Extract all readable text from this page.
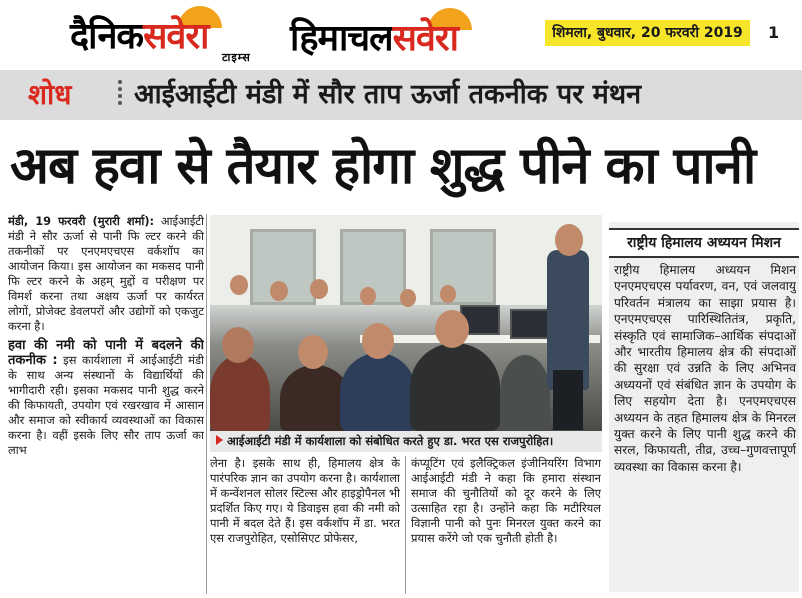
दैनिकसवेरा
टाइम्स हिमाचलसवेरा	शिमला, बुधवार, 20 फरवरी 2019	1
शोध आईआईटी मंडी में सौर ताप ऊर्जा तकनीक पर मंथन
अब हवा से तैयार होगा शुद्ध पीने का पानी

मंडी, 19 फरवरी (मुरारी शर्मा): आईआईटी मंडी ने सौर ऊर्जा से पानी फि ल्टर करने की तकनीकों पर एनएमएचएस वर्कशॉप का आयोजन किया। इस आयोजन का मकसद पानी फि ल्टर करने के अहम् मुद्दों व परीक्षण पर विमर्श करना तथा अक्षय ऊर्जा पर कार्यरत लोगों, प्रोजेक्ट डेवलपरों और उद्योगों को एकजुट करना है।

हवा की नमी को पानी में बदलने की तकनीक : इस कार्यशाला में आईआईटी मंडी के साथ अन्य संस्थानों के विद्यार्थियों की भागीदारी रही। इसका मकसद पानी शुद्ध करने की किफायती, उपयोग एवं रखरखाव में आसान और समाज को स्वीकार्य व्यवस्थाओं का विकास करना है। वहीं इसके लिए सौर ताप ऊर्जा का लाभ

आईआईटी मंडी में कार्यशाला को संबोधित करते हुए डा. भरत एस राजपुरोहित।
लेना है। इसके साथ ही, हिमालय क्षेत्र के पारंपरिक ज्ञान का उपयोग करना है। कार्यशाला में कन्वेंशनल सोलर स्टिल्स और हाइड्रोपैनल भी प्रदर्शित किए गए। ये डिवाइस हवा की नमी को पानी में बदल देते हैं। इस वर्कशॉप में डा. भरत एस राजपुरोहित, एसोसिएट प्रोफेसर,
कंप्यूटिंग एवं इलैक्ट्रिकल इंजीनियरिंग विभाग आईआईटी मंडी ने कहा कि हमारा संस्थान समाज की चुनौतियों को दूर करने के लिए उत्साहित रहा है। उन्होंने कहा कि मटीरियल विज्ञानी पानी को पुनः मिनरल युक्त करने का प्रयास करेंगे जो एक चुनौती होती है।
राष्ट्रीय हिमालय अध्ययन मिशन
राष्ट्रीय हिमालय अध्ययन मिशन एनएमएचएस पर्यावरण, वन, एवं जलवायु परिवर्तन मंत्रालय का साझा प्रयास है। एनएमएचएस पारिस्थितितंत्र, प्रकृति, संस्कृति एवं सामाजिक–आर्थिक संपदाओं और भारतीय हिमालय क्षेत्र की संपदाओं की सुरक्षा एवं उन्नति के लिए अभिनव अध्ययनों एवं संबंधित ज्ञान के उपयोग के लिए सहयोग देता है। एनएमएचएस अध्ययन के तहत हिमालय क्षेत्र के मिनरल युक्त करने के लिए पानी शुद्ध करने की सरल, किफायती, तीव्र, उच्च–गुणवत्तापूर्ण व्यवस्था का विकास करना है।
